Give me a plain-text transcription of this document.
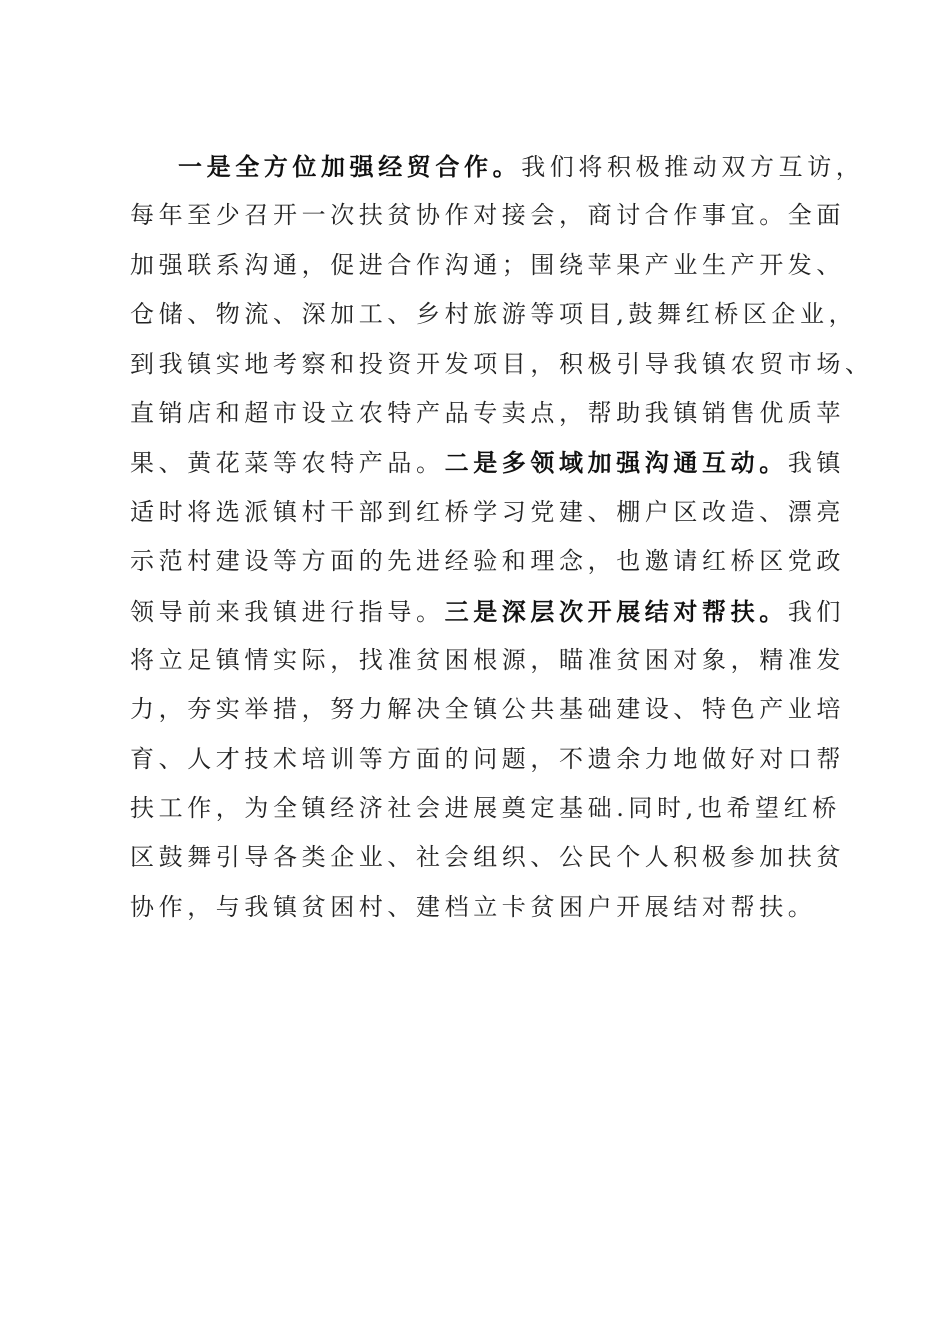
一是全方位加强经贸合作。我们将积极推动双方互访，
每年至少召开一次扶贫协作对接会，商讨合作事宜。全面
加强联系沟通，促进合作沟通；围绕苹果产业生产开发、
仓储、物流、深加工、乡村旅游等项目,鼓舞红桥区企业，
到我镇实地考察和投资开发项目，积极引导我镇农贸市场、
直销店和超市设立农特产品专卖点，帮助我镇销售优质苹
果、黄花菜等农特产品。二是多领域加强沟通互动。我镇
适时将选派镇村干部到红桥学习党建、棚户区改造、漂亮
示范村建设等方面的先进经验和理念，也邀请红桥区党政
领导前来我镇进行指导。三是深层次开展结对帮扶。我们
将立足镇情实际，找准贫困根源，瞄准贫困对象，精准发
力，夯实举措，努力解决全镇公共基础建设、特色产业培
育、人才技术培训等方面的问题，不遗余力地做好对口帮
扶工作，为全镇经济社会进展奠定基础.同时,也希望红桥
区鼓舞引导各类企业、社会组织、公民个人积极参加扶贫
协作，与我镇贫困村、建档立卡贫困户开展结对帮扶。
